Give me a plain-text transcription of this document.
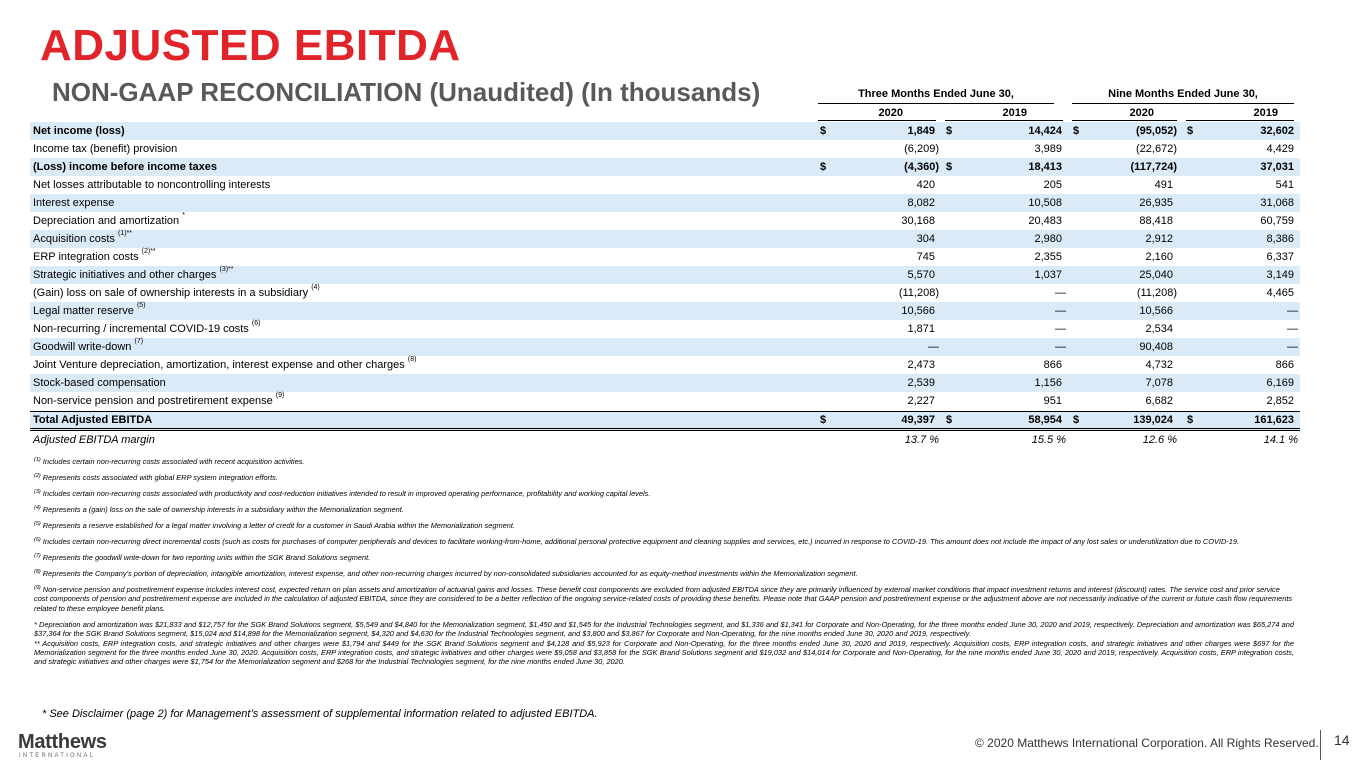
ADJUSTED EBITDA
NON-GAAP RECONCILIATION (Unaudited) (In thousands)	Three Months Ended June 30,	Nine Months Ended June 30,
2020	2019	2020	2019
Net income (loss)	$	1,849 $	14,424 $	(95,052) $	32,602
Income tax (benefit) provision	(6,209)	3,989	(22,672)	4,429
(Loss) income before income taxes	$	(4,360) $	18,413	(117,724)	37,031
Net losses attributable to noncontrolling interests	420	205	491	541
Interest expense	8,082	10,508	26,935	31,068
Depreciation and amortization *	30,168	20,483	88,418	60,759
Acquisition costs $^{(1)**}$	304	2,980	2,912	8,386
ERP integration costs $^{(2)**}$	745	2,355	2,160	6,337
Strategic initiatives and other charges $^{(3)**}$	5,570	1,037	25,040	3,149
(Gain) loss on sale of ownership interests in a subsidiary $^{(4)}$	(11,208)	—	(11,208)	4,465
Legal matter reserve $^{(5)}$	10,566	—	10,566	—
Non-recurring / incremental COVID-19 costs $^{(6)}$	1,871	—	2,534	—
Goodwill write-down $^{(7)}$	—	—	90,408	—
Joint Venture depreciation, amortization, interest expense and other charges $^{(8)}$	2,473	866	4,732	866
Stock-based compensation	2,539	1,156	7,078	6,169
Non-service pension and postretirement expense $^{(9)}$	2,227	951	6,682	2,852
Total Adjusted EBITDA	$	49,397 $	58,954 $	139,024 $	161,623
Adjusted EBITDA margin	13.7 %	15.5 %	12.6 %	14.1 %
$^{(1)}$ Includes certain non-recurring costs associated with recent acquisition activities.
$^{(2)}$ Represents costs associated with global ERP system integration efforts.
$^{(3)}$ Includes certain non-recurring costs associated with productivity and cost-reduction initiatives intended to result in improved operating performance, profitability and working capital levels.
$^{(4)}$ Represents a (gain) loss on the sale of ownership interests in a subsidiary within the Memorialization segment.
$^{(5)}$ Represents a reserve established for a legal matter involving a letter of credit for a customer in Saudi Arabia within the Memorialization segment.
$^{(6)}$ Includes certain non-recurring direct incremental costs (such as costs for purchases of computer peripherals and devices to facilitate working-from-home, additional personal protective equipment and cleaning supplies and services, etc.) incurred in response to COVID-19. This amount does not include the impact of any lost sales or underutilization due to COVID-19.
$^{(7)}$ Represents the goodwill write-down for two reporting units within the SGK Brand Solutions segment.
$^{(8)}$ Represents the Company's portion of depreciation, intangible amortization, interest expense, and other non-recurring charges incurred by non-consolidated subsidiaries accounted for as equity-method investments within the Memorialization segment.
$^{(9)}$ Non-service pension and postretirement expense includes interest cost, expected return on plan assets and amortization of actuarial gains and losses. These benefit cost components are excluded from adjusted EBITDA since they are primarily influenced by external market conditions that impact investment returns and interest (discount) rates. The service cost and prior service cost components of pension and postretirement expense are included in the calculation of adjusted EBITDA, since they are considered to be a better reflection of the ongoing service-related costs of providing these benefits. Please note that GAAP pension and postretirement expense or the adjustment above are not necessarily indicative of the current or future cash flow requirements related to these employee benefit plans.
* Depreciation and amortization was $21,833 and $12,757 for the SGK Brand Solutions segment, $5,549 and $4,840 for the Memorialization segment, $1,450 and $1,545 for the Industrial Technologies segment, and $1,336 and $1,341 for Corporate and Non-Operating, for the three months ended June 30, 2020 and 2019, respectively. Depreciation and amortization was $65,274 and $37,364 for the SGK Brand Solutions segment, $15,024 and $14,898 for the Memorialization segment, $4,320 and $4,630 for the Industrial Technologies segment, and $3,800 and $3,867 for Corporate and Non-Operating, for the nine months ended June 30, 2020 and 2019, respectively.
** Acquisition costs, ERP integration costs, and strategic initiatives and other charges were $1,794 and $449 for the SGK Brand Solutions segment and $4,128 and $5,923 for Corporate and Non-Operating, for the three months ended June 30, 2020 and 2019, respectively. Acquisition costs, ERP integration costs, and strategic initiatives and other charges were $697 for the Memorialization segment for the three months ended June 30, 2020. Acquisition costs, ERP integration costs, and strategic initiatives and other charges were $9,058 and $3,858 for the SGK Brand Solutions segment and $19,032 and $14,014 for Corporate and Non-Operating, for the nine months ended June 30, 2020 and 2019, respectively. Acquisition costs, ERP integration costs, and strategic initiatives and other charges were $1,754 for the Memorialization segment and $268 for the Industrial Technologies segment, for the nine months ended June 30, 2020.
* See Disclaimer (page 2) for Management’s assessment of supplemental information related to adjusted EBITDA.
Matthews
INTERNATIONAL
© 2020 Matthews International Corporation. All Rights Reserved. 14
